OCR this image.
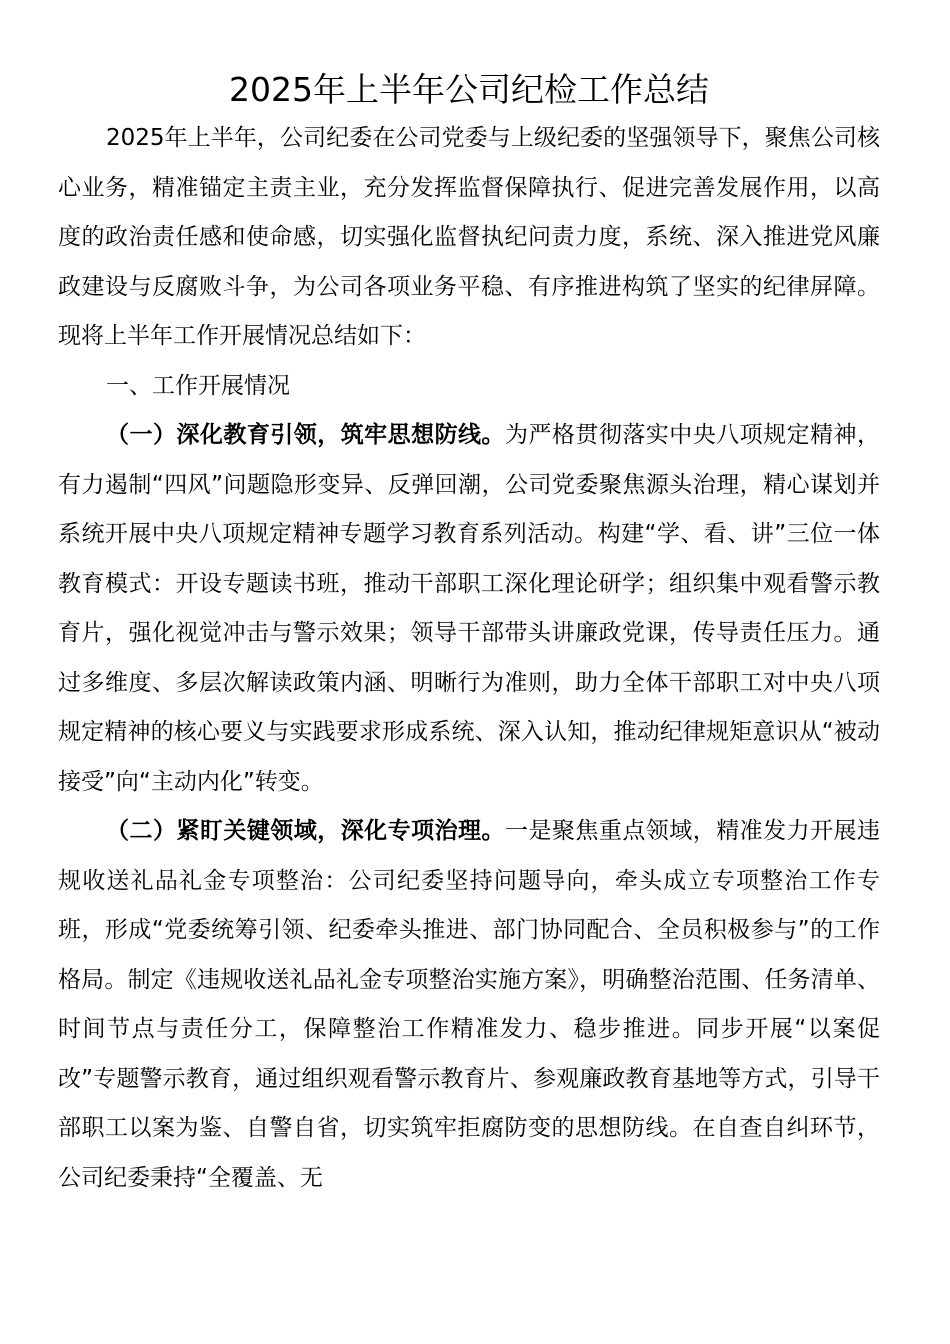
2025年上半年公司纪检工作总结

2025年上半年，公司纪委在公司党委与上级纪委的坚强领导下，聚焦公司核心业务，精准锚定主责主业，充分发挥监督保障执行、促进完善发展作用，以高度的政治责任感和使命感，切实强化监督执纪问责力度，系统、深入推进党风廉政建设与反腐败斗争，为公司各项业务平稳、有序推进构筑了坚实的纪律屏障。现将上半年工作开展情况总结如下：

一、工作开展情况

（一）深化教育引领，筑牢思想防线。为严格贯彻落实中央八项规定精神，有力遏制“四风”问题隐形变异、反弹回潮，公司党委聚焦源头治理，精心谋划并系统开展中央八项规定精神专题学习教育系列活动。构建“学、看、讲”三位一体教育模式：开设专题读书班，推动干部职工深化理论研学；组织集中观看警示教育片，强化视觉冲击与警示效果；领导干部带头讲廉政党课，传导责任压力。通过多维度、多层次解读政策内涵、明晰行为准则，助力全体干部职工对中央八项规定精神的核心要义与实践要求形成系统、深入认知，推动纪律规矩意识从“被动接受”向“主动内化”转变。

（二）紧盯关键领域，深化专项治理。一是聚焦重点领域，精准发力开展违规收送礼品礼金专项整治：公司纪委坚持问题导向，牵头成立专项整治工作专班，形成“党委统筹引领、纪委牵头推进、部门协同配合、全员积极参与”的工作格局。制定《违规收送礼品礼金专项整治实施方案》，明确整治范围、任务清单、时间节点与责任分工，保障整治工作精准发力、稳步推进。同步开展“以案促改”专题警示教育，通过组织观看警示教育片、参观廉政教育基地等方式，引导干部职工以案为鉴、自警自省，切实筑牢拒腐防变的思想防线。在自查自纠环节，公司纪委秉持“全覆盖、无
